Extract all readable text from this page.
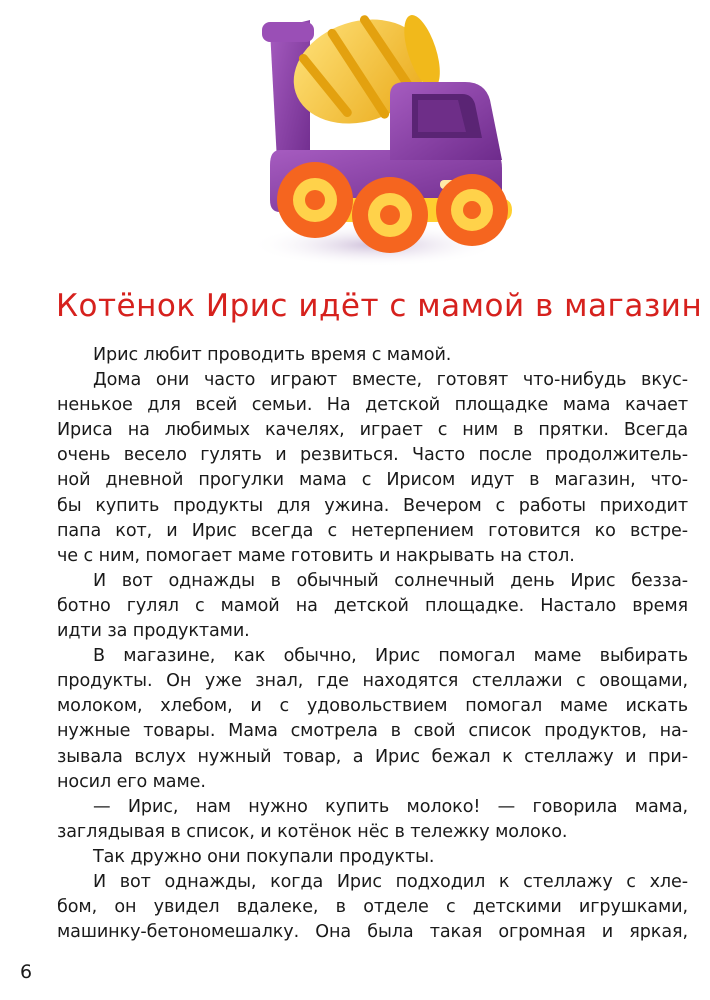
Котёнок Ирис идёт с мамой в магазин
Ирис любит проводить время с мамой.
Дома они часто играют вместе, готовят что-нибудь вкус-
ненькое для всей семьи. На детской площадке мама качает
Ириса на любимых качелях, играет с ним в прятки. Всегда
очень весело гулять и резвиться. Часто после продолжитель-
ной дневной прогулки мама с Ирисом идут в магазин, что-
бы купить продукты для ужина. Вечером с работы приходит
папа кот, и Ирис всегда с нетерпением готовится ко встре-
че с ним, помогает маме готовить и накрывать на стол.
И вот однажды в обычный солнечный день Ирис безза-
ботно гулял с мамой на детской площадке. Настало время
идти за продуктами.
В магазине, как обычно, Ирис помогал маме выбирать
продукты. Он уже знал, где находятся стеллажи с овощами,
молоком, хлебом, и с удовольствием помогал маме искать
нужные товары. Мама смотрела в свой список продуктов, на-
зывала вслух нужный товар, а Ирис бежал к стеллажу и при-
носил его маме.
— Ирис, нам нужно купить молоко! — говорила мама,
заглядывая в список, и котёнок нёс в тележку молоко.
Так дружно они покупали продукты.
И вот однажды, когда Ирис подходил к стеллажу с хле-
бом, он увидел вдалеке, в отделе с детскими игрушками,
машинку-бетономешалку. Она была такая огромная и яркая,
6
